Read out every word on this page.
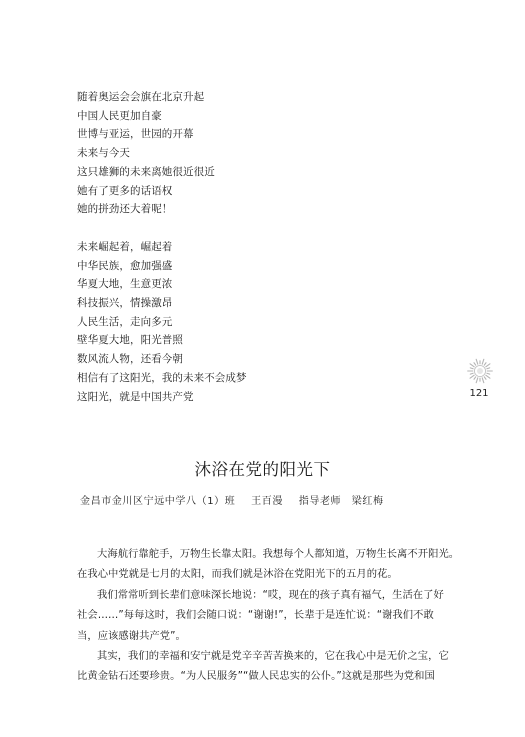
随着奥运会会旗在北京升起
中国人民更加自豪
世博与亚运，世园的开幕
未来与今天
这只雄狮的未来离她很近很近
她有了更多的话语权
她的拼劲还大着呢！
未来崛起着，崛起着
中华民族，愈加强盛
华夏大地，生意更浓
科技振兴，情操激昂
人民生活，走向多元
壁华夏大地，阳光普照
数风流人物，还看今朝
相信有了这阳光，我的未来不会成梦
这阳光，就是中国共产党	121
沐浴在党的阳光下
金昌市金川区宁远中学八（1）班 王百漫 指导老师　梁红梅
大海航行靠舵手，万物生长靠太阳。我想每个人都知道，万物生长离不开阳光。
在我心中党就是七月的太阳，而我们就是沐浴在党阳光下的五月的花。
我们常常听到长辈们意味深长地说：“哎，现在的孩子真有福气，生活在了好
社会……”每每这时，我们会随口说：“谢谢!”，长辈于是连忙说：“谢我们不敢
当，应该感谢共产党”。
其实，我们的幸福和安宁就是党辛辛苦苦换来的，它在我心中是无价之宝，它
比黄金钻石还要珍贵。“为人民服务”“做人民忠实的公仆。”这就是那些为党和国
